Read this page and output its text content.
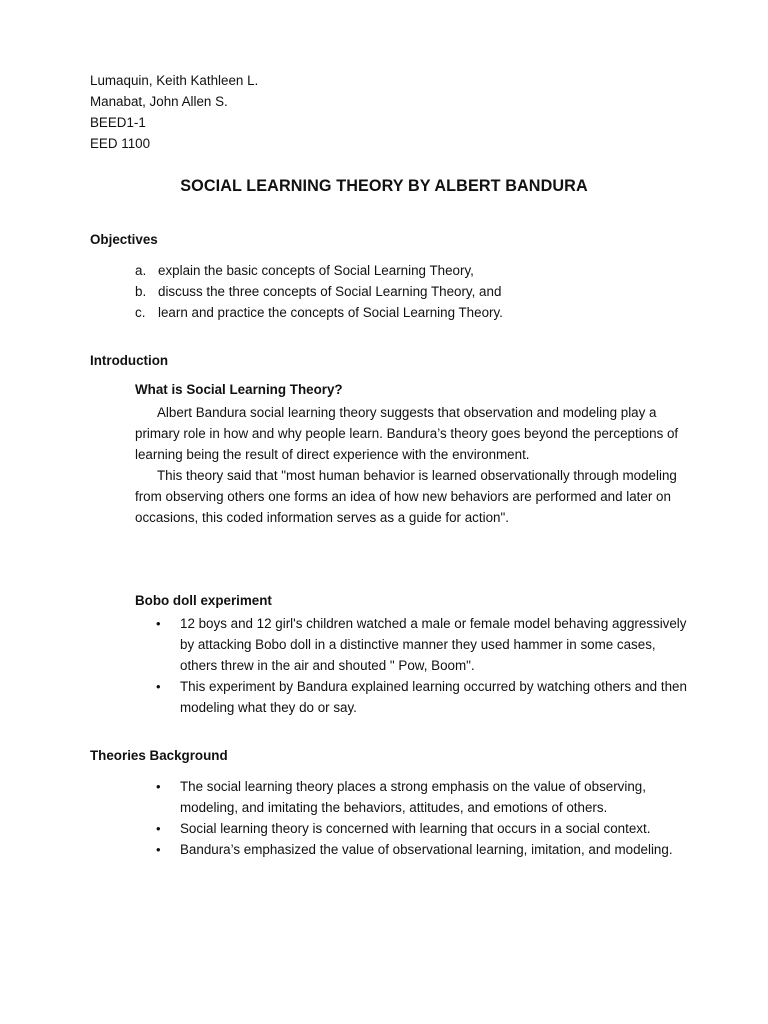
Lumaquin, Keith Kathleen L.
Manabat, John Allen S.
BEED1-1
EED 1100
SOCIAL LEARNING THEORY BY ALBERT BANDURA
Objectives
a. explain the basic concepts of Social Learning Theory,
b. discuss the three concepts of Social Learning Theory, and
c. learn and practice the concepts of Social Learning Theory.
Introduction
What is Social Learning Theory?

Albert Bandura social learning theory suggests that observation and modeling play a primary role in how and why people learn. Bandura’s theory goes beyond the perceptions of learning being the result of direct experience with the environment.

This theory said that "most human behavior is learned observationally through modeling from observing others one forms an idea of how new behaviors are performed and later on occasions, this coded information serves as a guide for action".

Bobo doll experiment
• 12 boys and 12 girl's children watched a male or female model behaving aggressively by attacking Bobo doll in a distinctive manner they used hammer in some cases, others threw in the air and shouted " Pow, Boom".
• This experiment by Bandura explained learning occurred by watching others and then modeling what they do or say.
Theories Background
• The social learning theory places a strong emphasis on the value of observing, modeling, and imitating the behaviors, attitudes, and emotions of others.
• Social learning theory is concerned with learning that occurs in a social context.
• Bandura’s emphasized the value of observational learning, imitation, and modeling.
